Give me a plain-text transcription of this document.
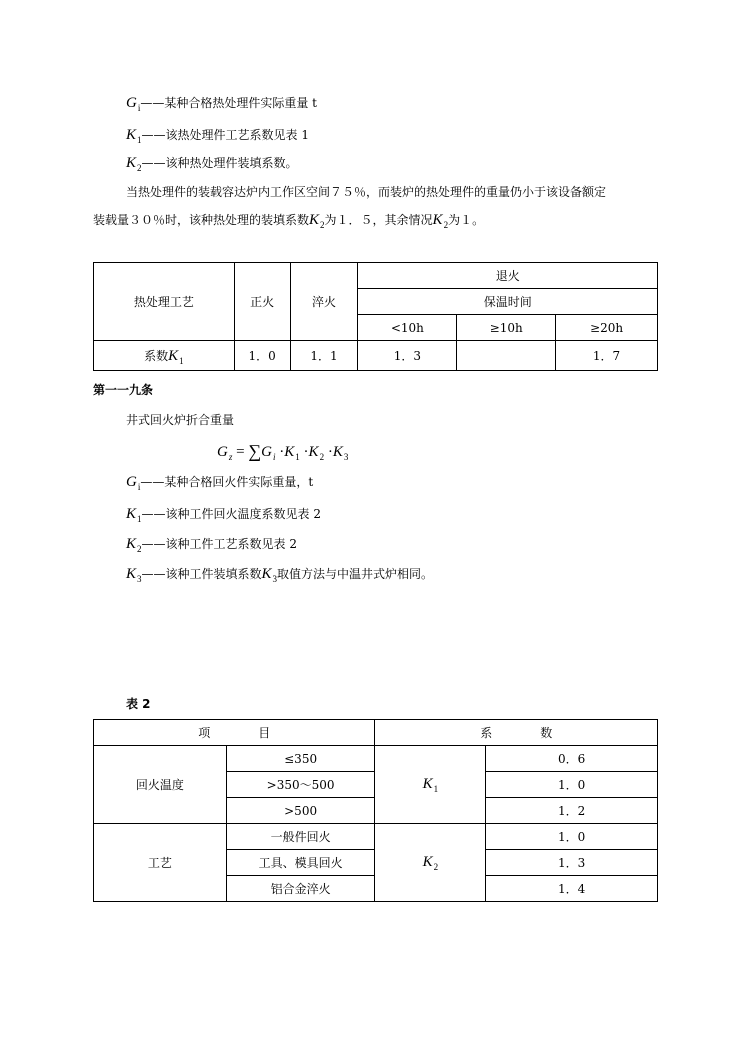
$G_i——$某种合格热处理件实际重量 t
$K_1——$该热处理件工艺系数见表 1
$K_2——$该种热处理件装填系数。
当热处理件的装载容达炉内工作区空间７５％，而装炉的热处理件的重量仍小于该设备额定
装载量３０％时，该种热处理的装填系数$K_2$为１．５，其余情况$K_2$为１。
热处理工艺	正火	淬火	退火		
			保温时间		
			<10h	≥10h	≥20h
系数$K_1$	1．0	1．1	1．3		1．7
第一一九条
井式回火炉折合重量
$G_z = \sum G_i \cdot K_1 \cdot K_2 \cdot K_3$
$G_i——$某种合格回火件实际重量，t
$K_1——$该种工件回火温度系数见表 2
$K_2——$该种工件工艺系数见表 2
$K_3——$该种工件装填系数$K_3$取值方法与中温井式炉相同。
表 2
项　　　　目		系　　　　数	
回火温度	≤350	$K_1$	0．6
	>350～500		1．0
	>500		1．2
工艺	一般件回火	$K_2$	1．0
	工具、模具回火		1．3
	铝合金淬火		1．4
